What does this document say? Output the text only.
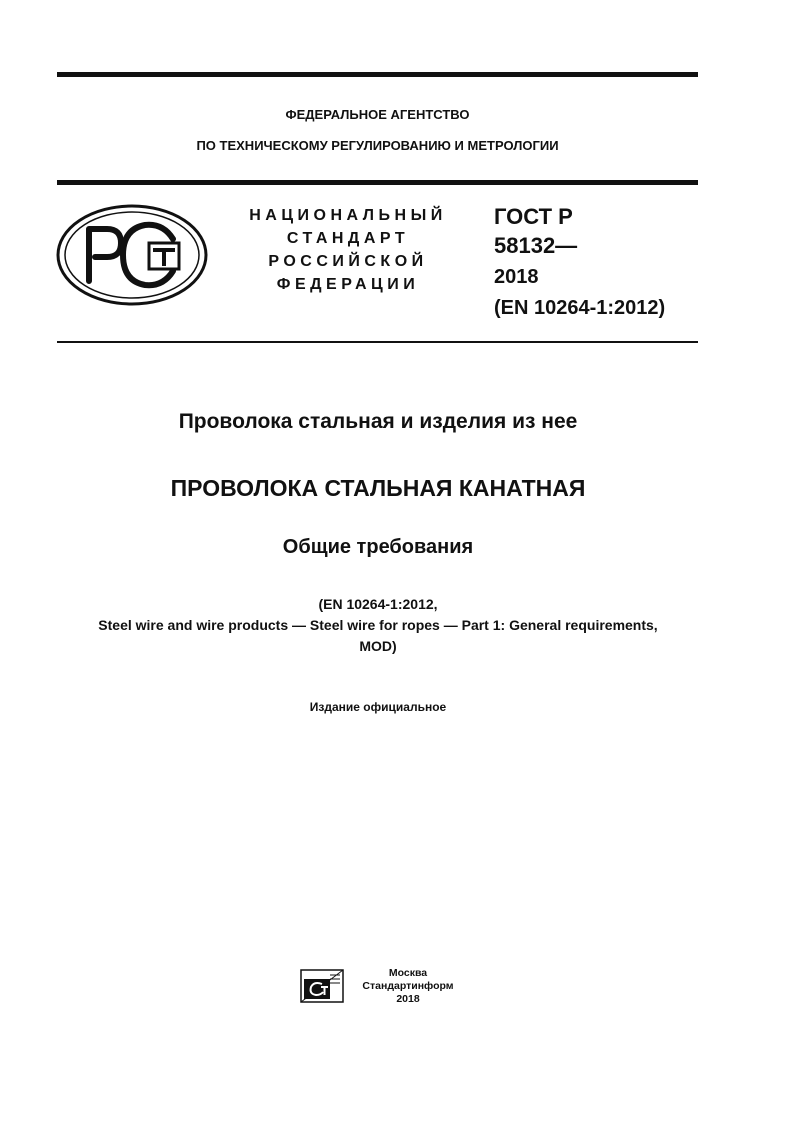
ФЕДЕРАЛЬНОЕ АГЕНТСТВО
ПО ТЕХНИЧЕСКОМУ РЕГУЛИРОВАНИЮ И МЕТРОЛОГИИ
НАЦИОНАЛЬНЫЙ
СТАНДАРТ
РОССИЙСКОЙ
ФЕДЕРАЦИИ
ГОСТ Р
58132—
2018
(EN 10264-1:2012)
Проволока стальная и изделия из нее
ПРОВОЛОКА СТАЛЬНАЯ КАНАТНАЯ
Общие требования
(EN 10264-1:2012,
Steel wire and wire products — Steel wire for ropes — Part 1: General requirements,
MOD)
Издание официальное
Москва
Стандартинформ
2018
